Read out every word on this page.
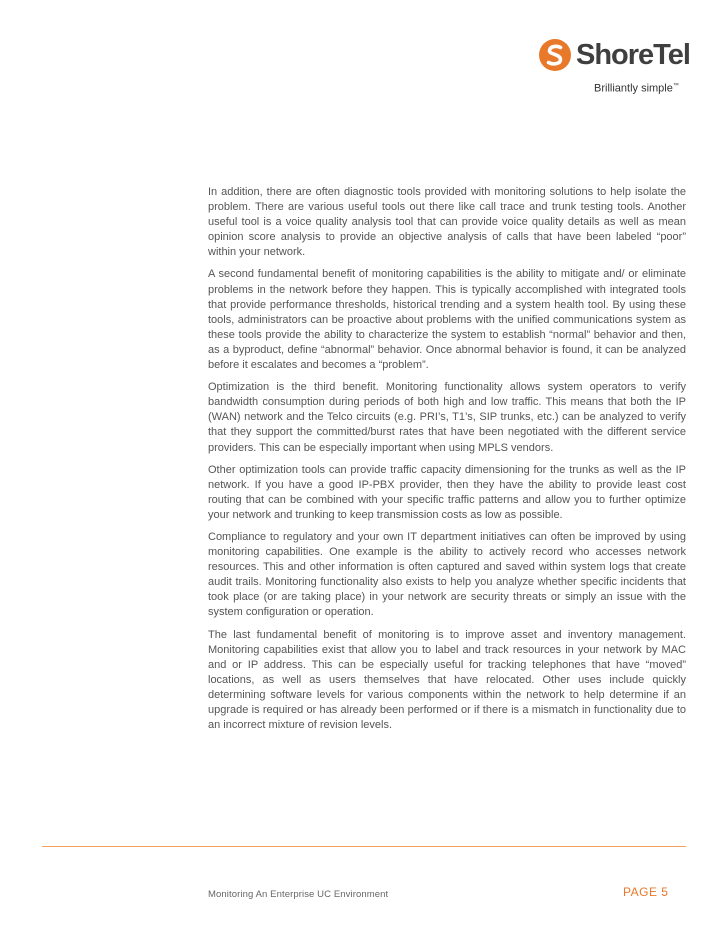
ShoreTel
Brilliantly simple™

In addition, there are often diagnostic tools provided with monitoring solutions to help isolate the problem. There are various useful tools out there like call trace and trunk testing tools. Another useful tool is a voice quality analysis tool that can provide voice quality details as well as mean opinion score analysis to provide an objective analysis of calls that have been labeled “poor” within your network.

A second fundamental benefit of monitoring capabilities is the ability to mitigate and/ or eliminate problems in the network before they happen. This is typically accomplished with integrated tools that provide performance thresholds, historical trending and a system health tool. By using these tools, administrators can be proactive about problems with the unified communications system as these tools provide the ability to characterize the system to establish “normal” behavior and then, as a byproduct, define “abnormal” behavior. Once abnormal behavior is found, it can be analyzed before it escalates and becomes a “problem”.

Optimization is the third benefit. Monitoring functionality allows system operators to verify bandwidth consumption during periods of both high and low traffic. This means that both the IP (WAN) network and the Telco circuits (e.g. PRI’s, T1’s, SIP trunks, etc.) can be analyzed to verify that they support the committed/burst rates that have been negotiated with the different service providers. This can be especially important when using MPLS vendors.

Other optimization tools can provide traffic capacity dimensioning for the trunks as well as the IP network. If you have a good IP-PBX provider, then they have the ability to provide least cost routing that can be combined with your specific traffic patterns and allow you to further optimize your network and trunking to keep transmission costs as low as possible.

Compliance to regulatory and your own IT department initiatives can often be improved by using monitoring capabilities. One example is the ability to actively record who accesses network resources. This and other information is often captured and saved within system logs that create audit trails. Monitoring functionality also exists to help you analyze whether specific incidents that took place (or are taking place) in your network are security threats or simply an issue with the system configuration or operation.

The last fundamental benefit of monitoring is to improve asset and inventory management. Monitoring capabilities exist that allow you to label and track resources in your network by MAC and or IP address. This can be especially useful for tracking telephones that have “moved” locations, as well as users themselves that have relocated. Other uses include quickly determining software levels for various components within the network to help determine if an upgrade is required or has already been performed or if there is a mismatch in functionality due to an incorrect mixture of revision levels.

Monitoring An Enterprise UC Environment	PAGE 5
